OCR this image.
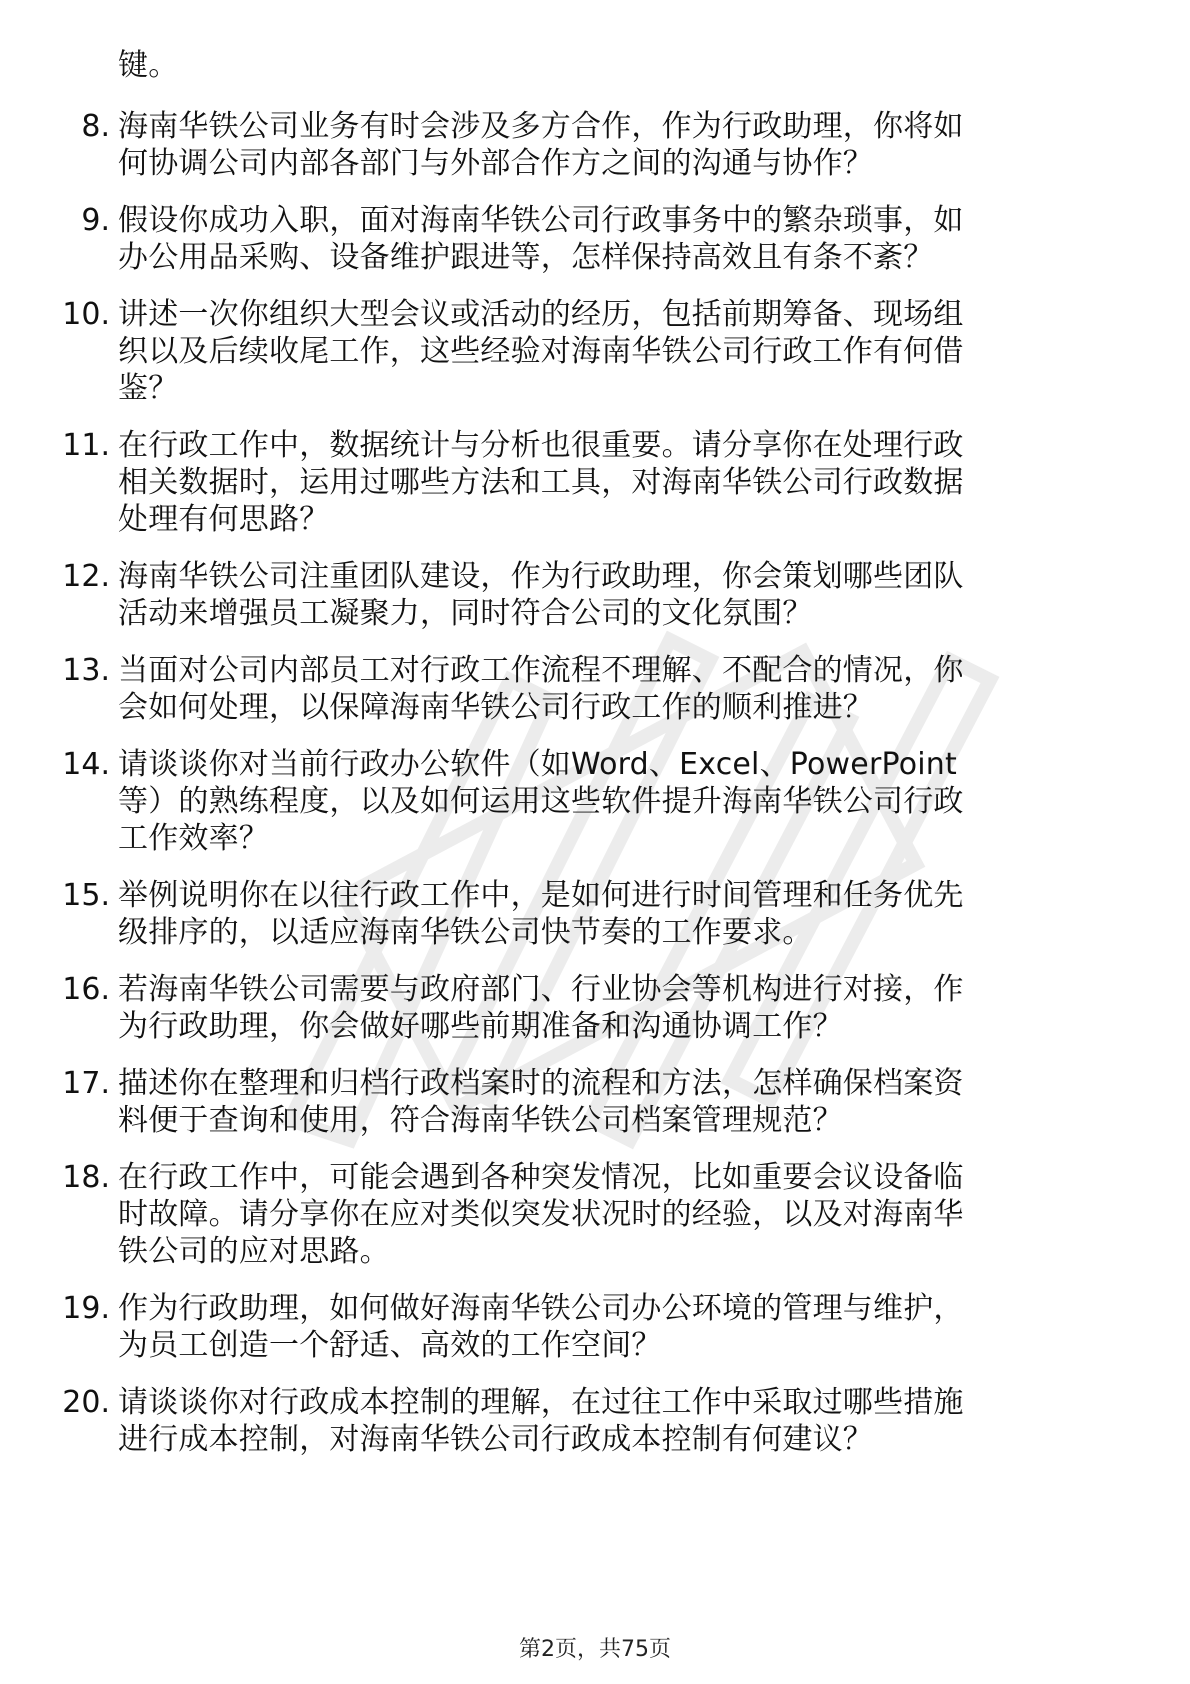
键。
8. 海南华铁公司业务有时会涉及多方合作，作为行政助理，你将如
何协调公司内部各部门与外部合作方之间的沟通与协作？
9. 假设你成功入职，面对海南华铁公司行政事务中的繁杂琐事，如
办公用品采购、设备维护跟进等，怎样保持高效且有条不紊？
10. 讲述一次你组织大型会议或活动的经历，包括前期筹备、现场组
织以及后续收尾工作，这些经验对海南华铁公司行政工作有何借
鉴？
11. 在行政工作中，数据统计与分析也很重要。请分享你在处理行政
相关数据时，运用过哪些方法和工具，对海南华铁公司行政数据
处理有何思路？
12. 海南华铁公司注重团队建设，作为行政助理，你会策划哪些团队
活动来增强员工凝聚力，同时符合公司的文化氛围？
13. 当面对公司内部员工对行政工作流程不理解、不配合的情况，你
会如何处理，以保障海南华铁公司行政工作的顺利推进？
14. 请谈谈你对当前行政办公软件（如Word、Excel、PowerPoint
等）的熟练程度，以及如何运用这些软件提升海南华铁公司行政
工作效率？
15. 举例说明你在以往行政工作中，是如何进行时间管理和任务优先
级排序的，以适应海南华铁公司快节奏的工作要求。
16. 若海南华铁公司需要与政府部门、行业协会等机构进行对接，作
为行政助理，你会做好哪些前期准备和沟通协调工作？
17. 描述你在整理和归档行政档案时的流程和方法，怎样确保档案资
料便于查询和使用，符合海南华铁公司档案管理规范？
18. 在行政工作中，可能会遇到各种突发情况，比如重要会议设备临
时故障。请分享你在应对类似突发状况时的经验，以及对海南华
铁公司的应对思路。
19. 作为行政助理，如何做好海南华铁公司办公环境的管理与维护，
为员工创造一个舒适、高效的工作空间？
20. 请谈谈你对行政成本控制的理解，在过往工作中采取过哪些措施
进行成本控制，对海南华铁公司行政成本控制有何建议？
第2页，共75页
